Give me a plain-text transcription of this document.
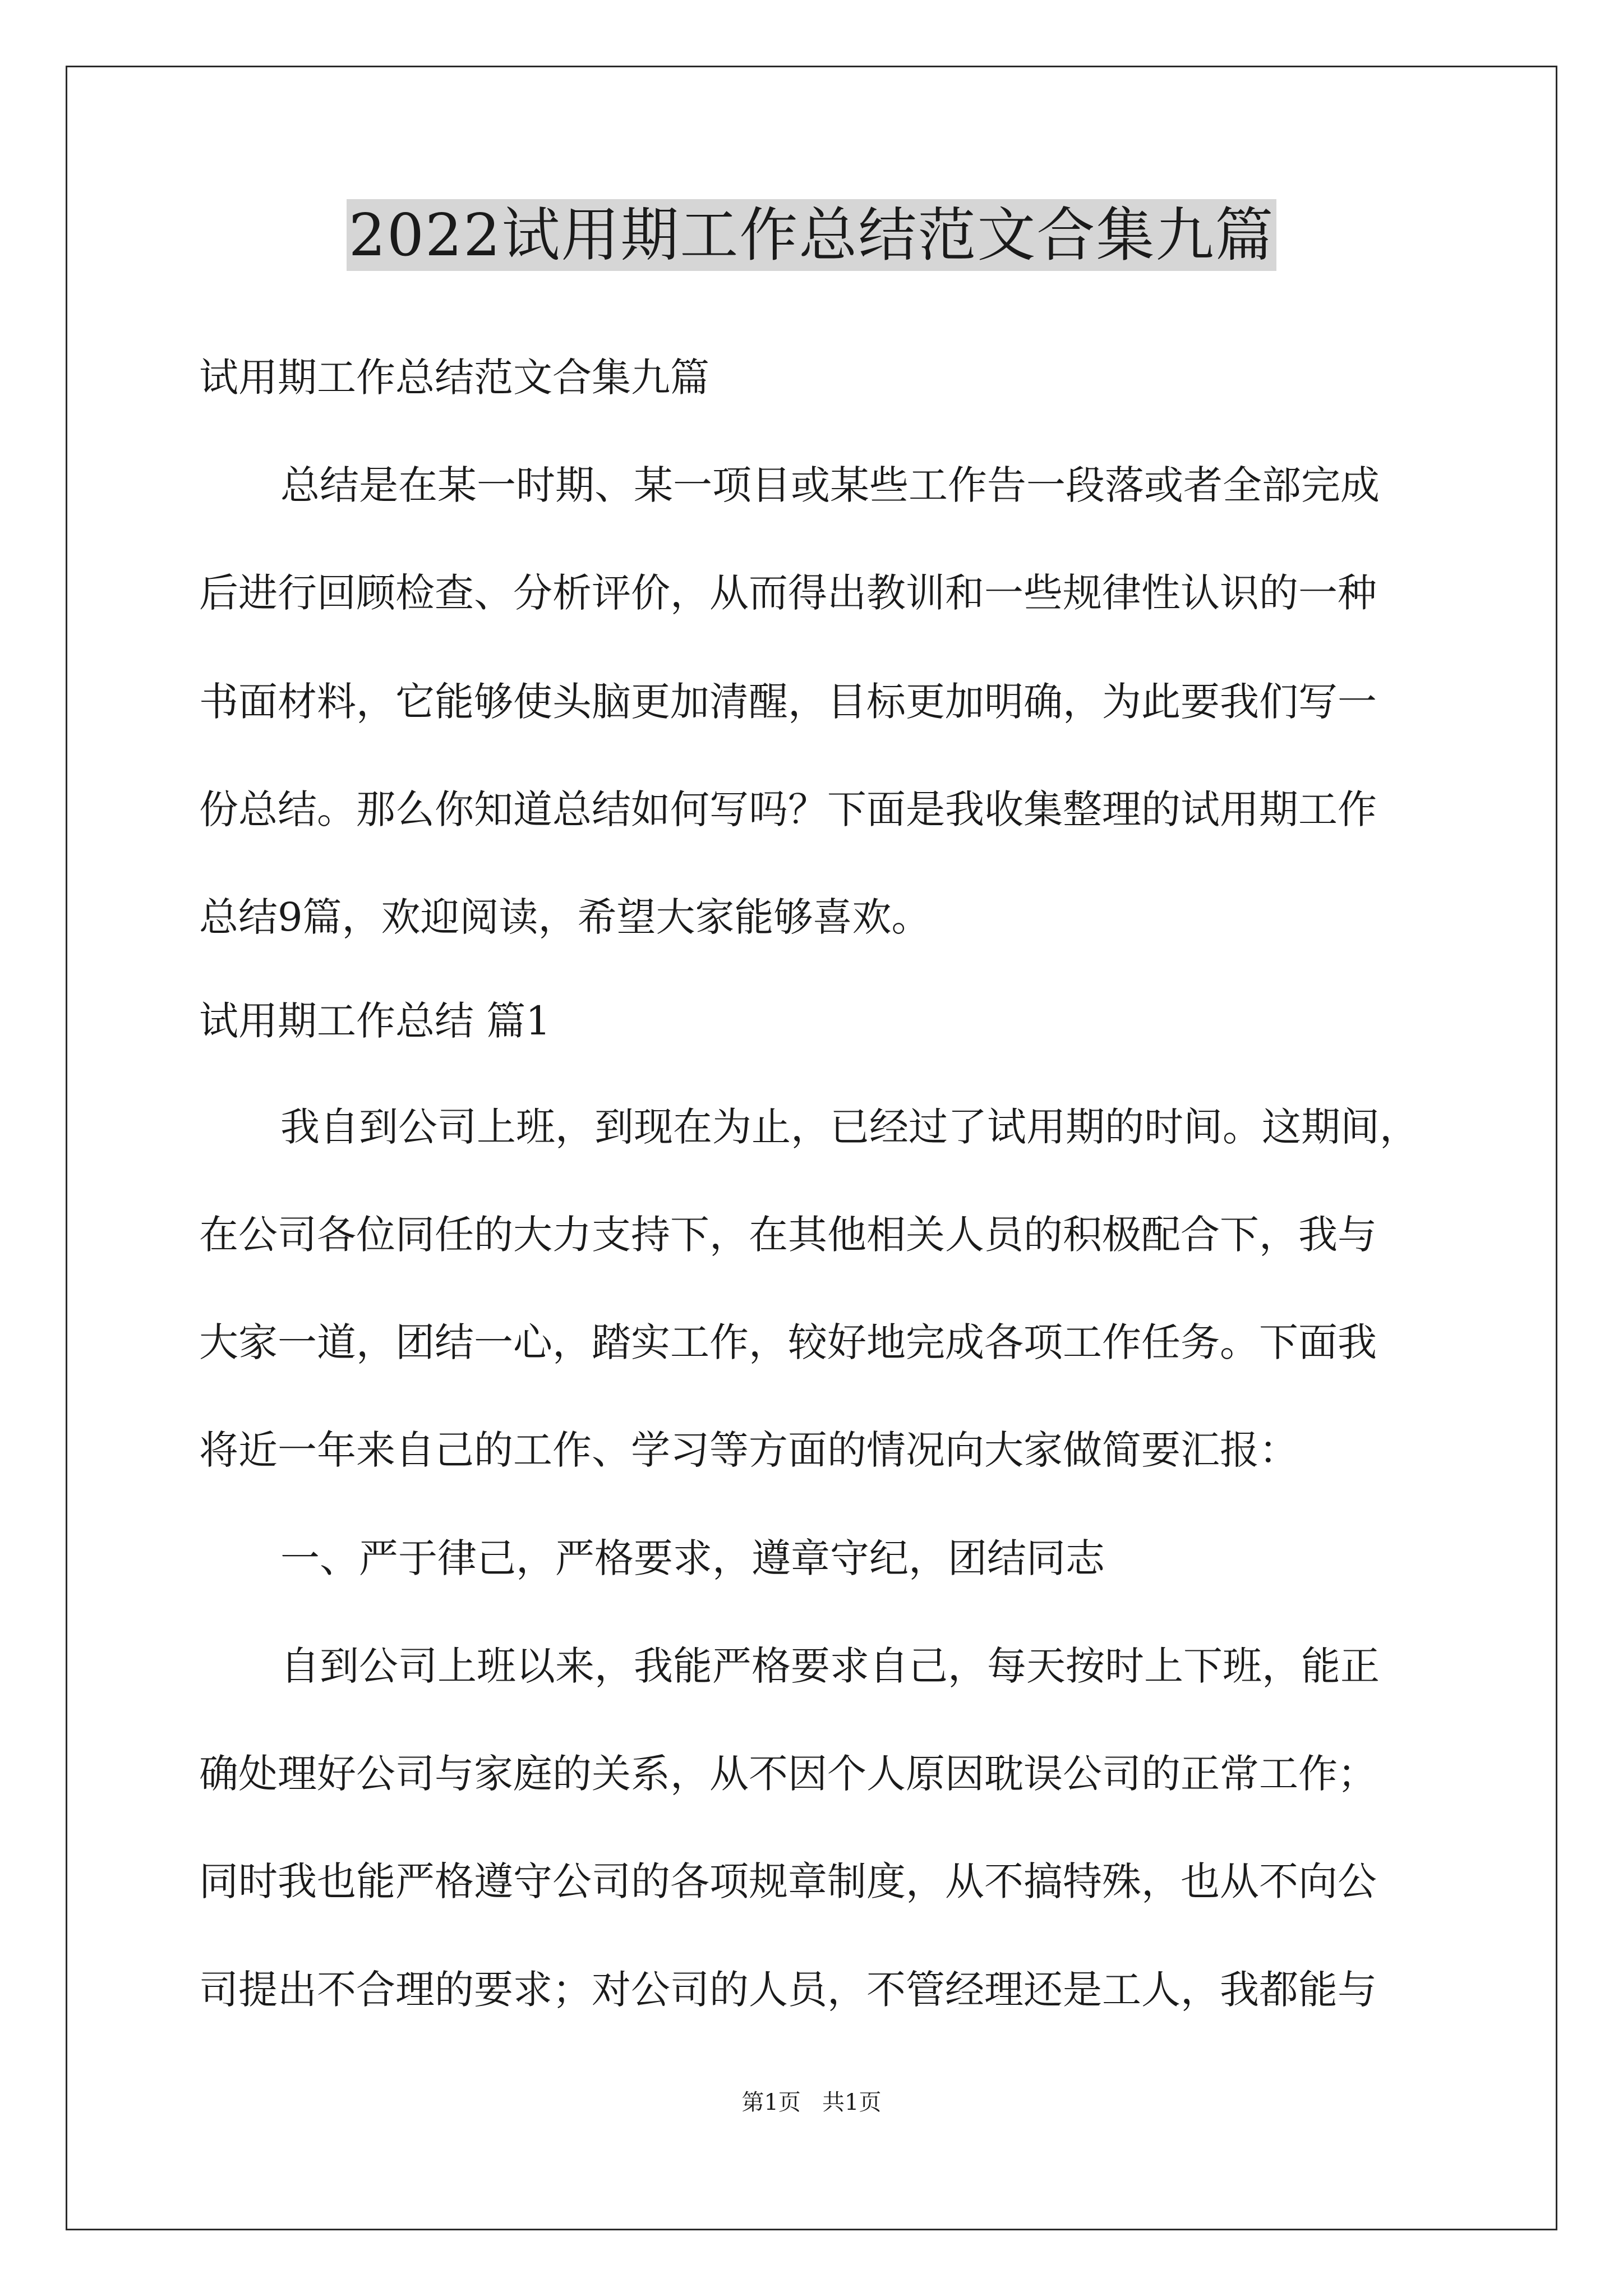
2022试用期工作总结范文合集九篇
试用期工作总结范文合集九篇
总结是在某一时期、某一项目或某些工作告一段落或者全部完成
后进行回顾检查、分析评价，从而得出教训和一些规律性认识的一种
书面材料，它能够使头脑更加清醒，目标更加明确，为此要我们写一
份总结。那么你知道总结如何写吗？下面是我收集整理的试用期工作
总结9篇，欢迎阅读，希望大家能够喜欢。
试用期工作总结 篇1
我自到公司上班，到现在为止，已经过了试用期的时间。这期间，
在公司各位同任的大力支持下，在其他相关人员的积极配合下，我与
大家一道，团结一心，踏实工作，较好地完成各项工作任务。下面我
将近一年来自己的工作、学习等方面的情况向大家做简要汇报：
一、严于律己，严格要求，遵章守纪，团结同志
自到公司上班以来，我能严格要求自己，每天按时上下班，能正
确处理好公司与家庭的关系，从不因个人原因耽误公司的正常工作；
同时我也能严格遵守公司的各项规章制度，从不搞特殊，也从不向公
司提出不合理的要求；对公司的人员，不管经理还是工人，我都能与
第1页   共1页
